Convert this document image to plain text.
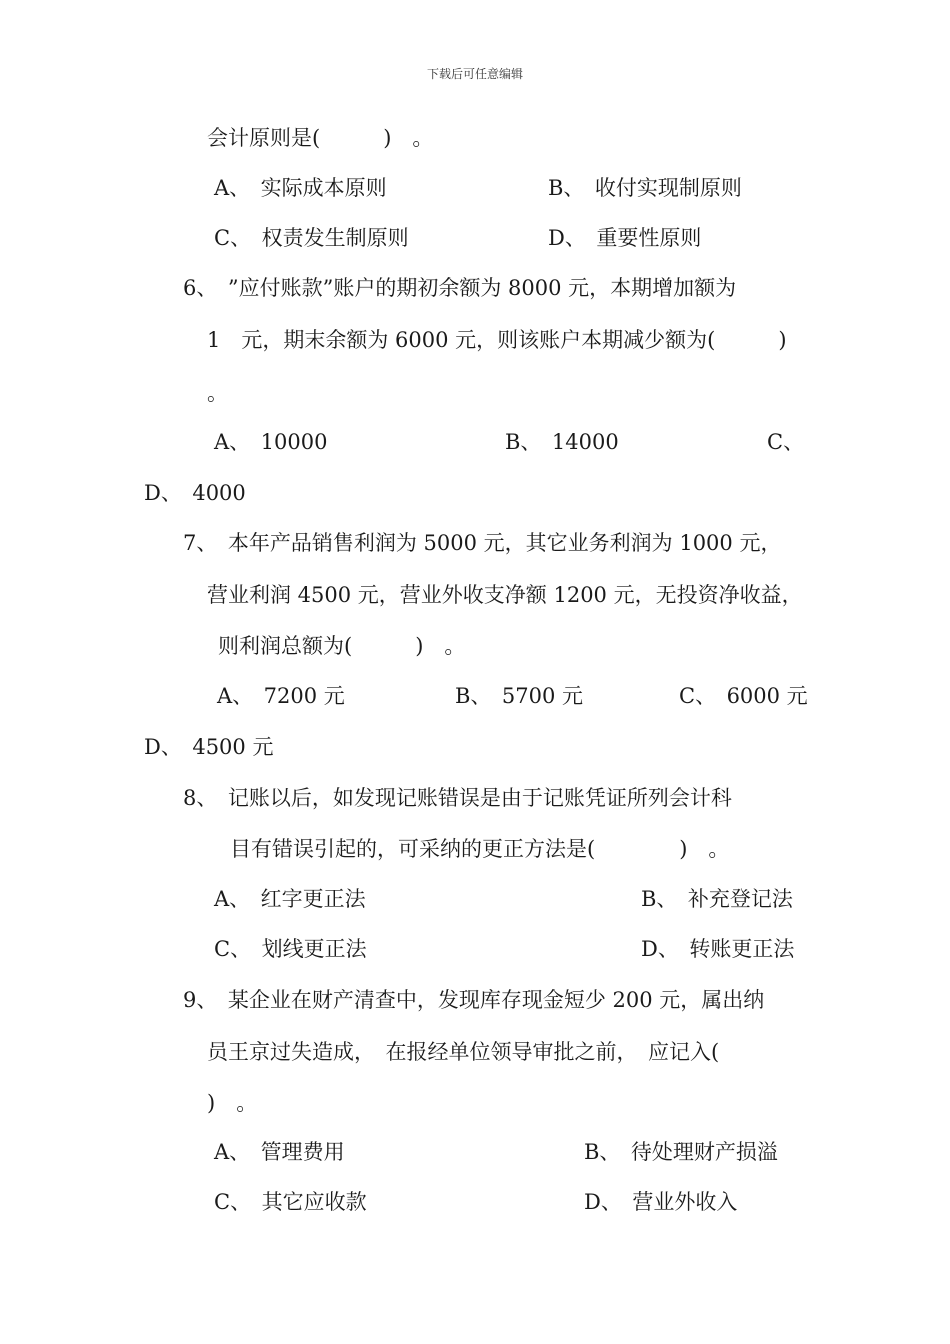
下载后可任意编辑
会计原则是(　　　)　。
A、　实际成本原则	B、　收付实现制原则
C、　权责发生制原则	D、　重要性原则
6、　”应付账款”账户的期初余额为 8000 元，本期增加额为
1　元，期末余额为 6000 元，则该账户本期减少额为(　　　)
。
A、　10000	B、　14000	C、
D、　4000
7、　本年产品销售利润为 5000 元，其它业务利润为 1000 元，
营业利润 4500 元，营业外收支净额 1200 元，无投资净收益，
则利润总额为(　　　)　。
A、　7200 元	B、　5700 元	C、　6000 元
D、　4500 元
8、　记账以后，如发现记账错误是由于记账凭证所列会计科
目有错误引起的，可采纳的更正方法是(　　　　)　。
A、　红字更正法	B、　补充登记法
C、　划线更正法	D、　转账更正法
9、　某企业在财产清查中，发现库存现金短少 200 元，属出纳
员王京过失造成，　在报经单位领导审批之前，　应记入(
)　。
A、　管理费用	B、　待处理财产损溢
C、　其它应收款	D、　营业外收入
